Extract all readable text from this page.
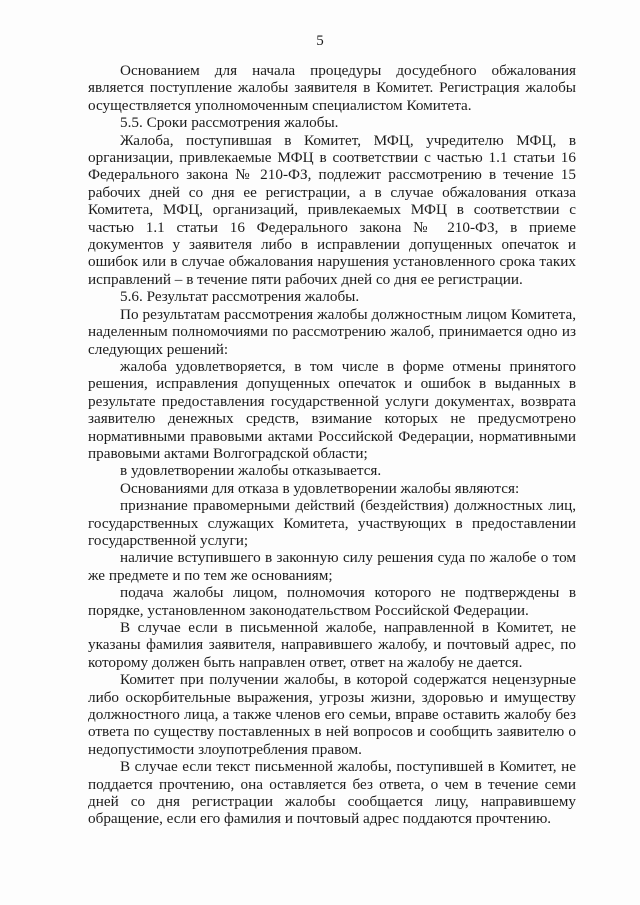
5

Основанием для начала процедуры досудебного обжалования является поступление жалобы заявителя в Комитет. Регистрация жалобы осуществляется уполномоченным специалистом Комитета.

5.5. Сроки рассмотрения жалобы.

Жалоба, поступившая в Комитет, МФЦ, учредителю МФЦ, в организации, привлекаемые МФЦ в соответствии с частью 1.1 статьи 16 Федерального закона № 210-ФЗ, подлежит рассмотрению в течение 15 рабочих дней со дня ее регистрации, а в случае обжалования отказа Комитета, МФЦ, организаций, привлекаемых МФЦ в соответствии с частью 1.1 статьи 16 Федерального закона № 210-ФЗ, в приеме документов у заявителя либо в исправлении допущенных опечаток и ошибок или в случае обжалования нарушения установленного срока таких исправлений – в течение пяти рабочих дней со дня ее регистрации.

5.6. Результат рассмотрения жалобы.

По результатам рассмотрения жалобы должностным лицом Комитета, наделенным полномочиями по рассмотрению жалоб, принимается одно из следующих решений:

жалоба удовлетворяется, в том числе в форме отмены принятого решения, исправления допущенных опечаток и ошибок в выданных в результате предоставления государственной услуги документах, возврата заявителю денежных средств, взимание которых не предусмотрено нормативными правовыми актами Российской Федерации, нормативными правовыми актами Волгоградской области;

в удовлетворении жалобы отказывается.

Основаниями для отказа в удовлетворении жалобы являются:

признание правомерными действий (бездействия) должностных лиц, государственных служащих Комитета, участвующих в предоставлении государственной услуги;

наличие вступившего в законную силу решения суда по жалобе о том же предмете и по тем же основаниям;

подача жалобы лицом, полномочия которого не подтверждены в порядке, установленном законодательством Российской Федерации.

В случае если в письменной жалобе, направленной в Комитет, не указаны фамилия заявителя, направившего жалобу, и почтовый адрес, по которому должен быть направлен ответ, ответ на жалобу не дается.

Комитет при получении жалобы, в которой содержатся нецензурные либо оскорбительные выражения, угрозы жизни, здоровью и имуществу должностного лица, а также членов его семьи, вправе оставить жалобу без ответа по существу поставленных в ней вопросов и сообщить заявителю о недопустимости злоупотребления правом.

В случае если текст письменной жалобы, поступившей в Комитет, не поддается прочтению, она оставляется без ответа, о чем в течение семи дней со дня регистрации жалобы сообщается лицу, направившему обращение, если его фамилия и почтовый адрес поддаются прочтению.
